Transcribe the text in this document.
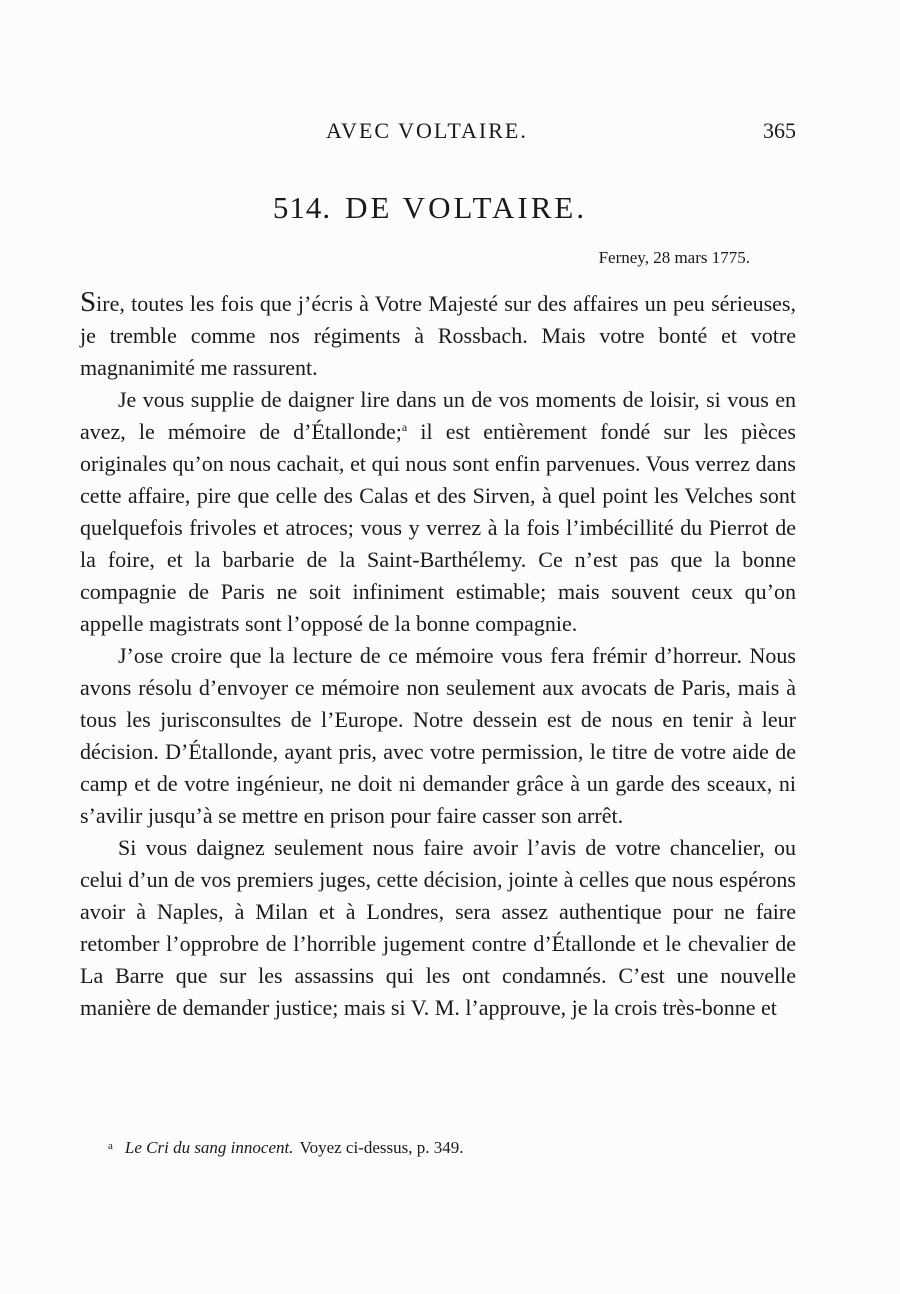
AVEC VOLTAIRE.	365
514. DE VOLTAIRE.
Ferney, 28 mars 1775.

Sire, toutes les fois que j’écris à Votre Majesté sur des affaires un peu sérieuses, je tremble comme nos régiments à Rossbach. Mais votre bonté et votre magnanimité me rassurent.

Je vous supplie de daigner lire dans un de vos moments de loisir, si vous en avez, le mémoire de d’Étallonde;$^a$ il est entièrement fondé sur les pièces originales qu’on nous cachait, et qui nous sont enfin parvenues. Vous verrez dans cette affaire, pire que celle des Calas et des Sirven, à quel point les Velches sont quelquefois frivoles et atroces; vous y verrez à la fois l’imbécillité du Pierrot de la foire, et la barbarie de la Saint-Barthélemy. Ce n’est pas que la bonne compagnie de Paris ne soit infiniment estimable; mais souvent ceux qu’on appelle magistrats sont l’opposé de la bonne compagnie.

J’ose croire que la lecture de ce mémoire vous fera frémir d’horreur. Nous avons résolu d’envoyer ce mémoire non seulement aux avocats de Paris, mais à tous les jurisconsultes de l’Europe. Notre dessein est de nous en tenir à leur décision. D’Étallonde, ayant pris, avec votre permission, le titre de votre aide de camp et de votre ingénieur, ne doit ni demander grâce à un garde des sceaux, ni s’avilir jusqu’à se mettre en prison pour faire casser son arrêt.

Si vous daignez seulement nous faire avoir l’avis de votre chancelier, ou celui d’un de vos premiers juges, cette décision, jointe à celles que nous espérons avoir à Naples, à Milan et à Londres, sera assez authentique pour ne faire retomber l’opprobre de l’horrible jugement contre d’Étallonde et le chevalier de La Barre que sur les assassins qui les ont condamnés. C’est une nouvelle manière de demander justice; mais si V. M. l’approuve, je la crois très-bonne et

$^a$ Le Cri du sang innocent. Voyez ci-dessus, p. 349.
